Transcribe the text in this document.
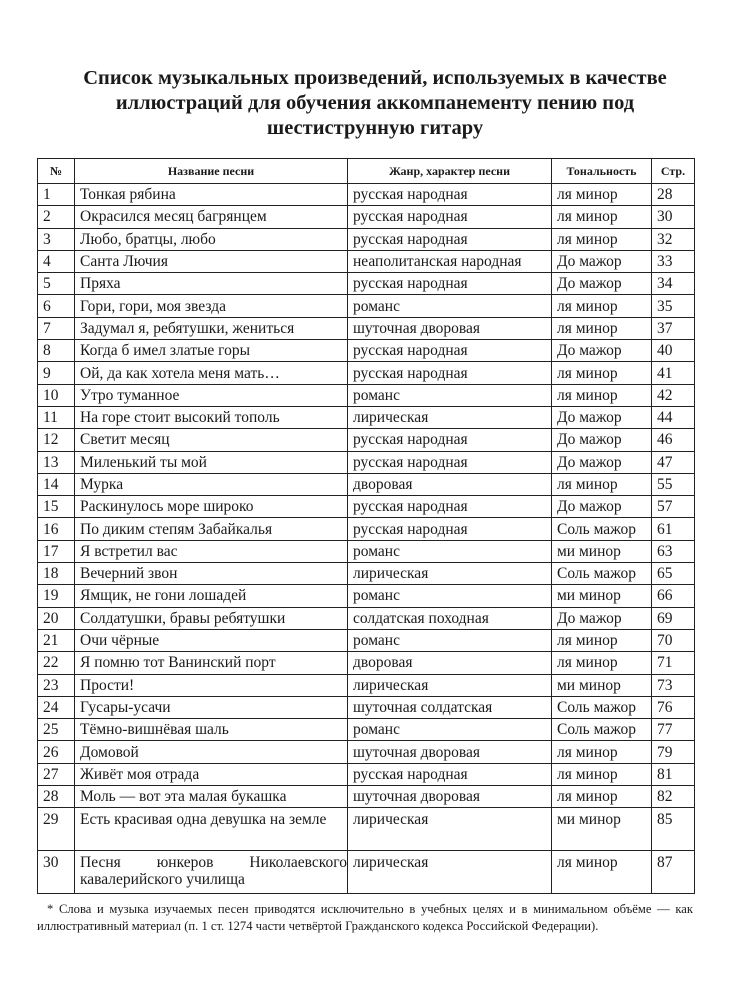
Список музыкальных произведений, используемых в качестве
иллюстраций для обучения аккомпанементу пению под
шестиструнную гитару
№	Название песни	Жанр, характер песни	Тональность	Стр.
1	Тонкая рябина	русская народная	ля минор	28
2	Окрасился месяц багрянцем	русская народная	ля минор	30
3	Любо, братцы, любо	русская народная	ля минор	32
4	Санта Лючия	неаполитанская народная	До мажор	33
5	Пряха	русская народная	До мажор	34
6	Гори, гори, моя звезда	романс	ля минор	35
7	Задумал я, ребятушки, жениться	шуточная дворовая	ля минор	37
8	Когда б имел златые горы	русская народная	До мажор	40
9	Ой, да как хотела меня мать…	русская народная	ля минор	41
10	Утро туманное	романс	ля минор	42
11	На горе стоит высокий тополь	лирическая	До мажор	44
12	Светит месяц	русская народная	До мажор	46
13	Миленький ты мой	русская народная	До мажор	47
14	Мурка	дворовая	ля минор	55
15	Раскинулось море широко	русская народная	До мажор	57
16	По диким степям Забайкалья	русская народная	Соль мажор	61
17	Я встретил вас	романс	ми минор	63
18	Вечерний звон	лирическая	Соль мажор	65
19	Ямщик, не гони лошадей	романс	ми минор	66
20	Солдатушки, бравы ребятушки	солдатская походная	До мажор	69
21	Очи чёрные	романс	ля минор	70
22	Я помню тот Ванинский порт	дворовая	ля минор	71
23	Прости!	лирическая	ми минор	73
24	Гусары-усачи	шуточная солдатская	Соль мажор	76
25	Тёмно-вишнёвая шаль	романс	Соль мажор	77
26	Домовой	шуточная дворовая	ля минор	79
27	Живёт моя отрада	русская народная	ля минор	81
28	Моль — вот эта малая букашка	шуточная дворовая	ля минор	82
29	Есть красивая одна девушка на земле	лирическая	ми минор	85
30	Песня юнкеров Николаевского кавалерийского училища	лирическая	ля минор	87

* Слова и музыка изучаемых песен приводятся исключительно в учебных целях и в минимальном объёме — как иллюстративный материал (п. 1 ст. 1274 части четвёртой Гражданского кодекса Российской Федерации).
